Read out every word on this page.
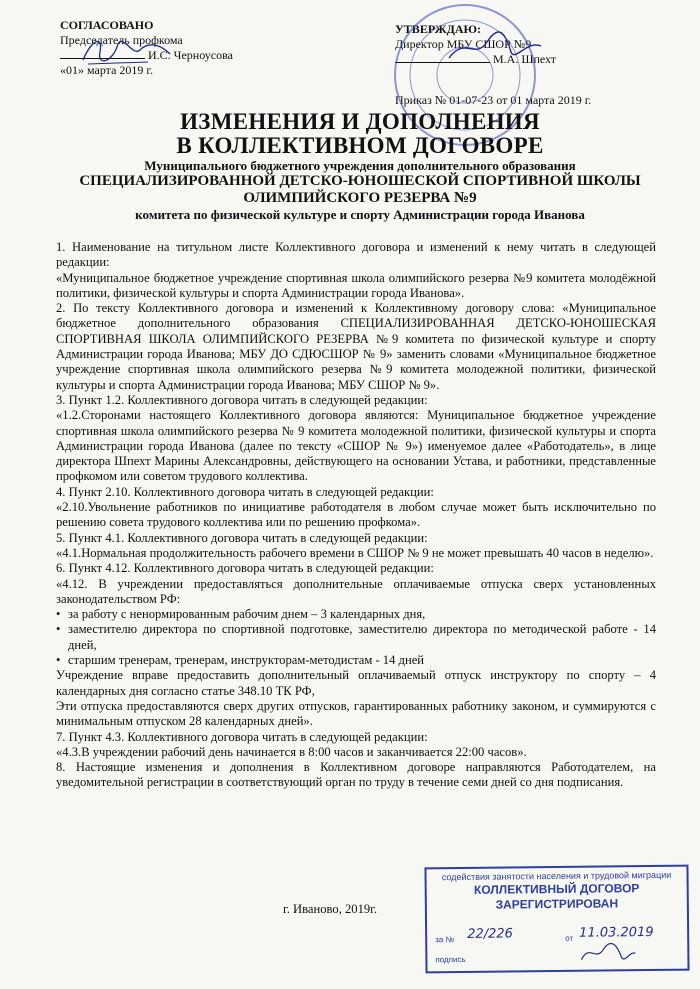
СОГЛАСОВАНО
Председатель профкома
И.С. Черноусова
«01» марта 2019 г.
УТВЕРЖДАЮ:
Директор МБУ СШОР №9
М.А. Шпехт
Приказ № 01-07-23 от 01 марта 2019 г.
ИЗМЕНЕНИЯ И ДОПОЛНЕНИЯ
В КОЛЛЕКТИВНОМ ДОГОВОРЕ
Муниципального бюджетного учреждения дополнительного образования
СПЕЦИАЛИЗИРОВАННОЙ ДЕТСКО-ЮНОШЕСКОЙ СПОРТИВНОЙ ШКОЛЫ
ОЛИМПИЙСКОГО РЕЗЕРВА №9
комитета по физической культуре и спорту Администрации города Иванова

1. Наименование на титульном листе Коллективного договора и изменений к нему читать в следующей редакции:

«Муниципальное бюджетное учреждение спортивная школа олимпийского резерва №9 комитета молодёжной политики, физической культуры и спорта Администрации города Иванова».

2. По тексту Коллективного договора и изменений к Коллективному договору слова: «Муниципальное бюджетное дополнительного образования СПЕЦИАЛИЗИРОВАННАЯ ДЕТСКО-ЮНОШЕСКАЯ СПОРТИВНАЯ ШКОЛА ОЛИМПИЙСКОГО РЕЗЕРВА №9 комитета по физической культуре и спорту Администрации города Иванова; МБУ ДО СДЮСШОР № 9» заменить словами «Муниципальное бюджетное учреждение спортивная школа олимпийского резерва №9 комитета молодежной политики, физической культуры и спорта Администрации города Иванова; МБУ СШОР № 9».

3. Пункт 1.2. Коллективного договора читать в следующей редакции:

«1.2.Сторонами настоящего Коллективного договора являются: Муниципальное бюджетное учреждение спортивная школа олимпийского резерва № 9 комитета молодежной политики, физической культуры и спорта Администрации города Иванова (далее по тексту «СШОР № 9») именуемое далее «Работодатель», в лице директора Шпехт Марины Александровны, действующего на основании Устава, и работники, представленные профкомом или советом трудового коллектива.

4. Пункт 2.10. Коллективного договора читать в следующей редакции:

«2.10.Увольнение работников по инициативе работодателя в любом случае может быть исключительно по решению совета трудового коллектива или по решению профкома».

5. Пункт 4.1. Коллективного договора читать в следующей редакции:

«4.1.Нормальная продолжительность рабочего времени в СШОР № 9 не может превышать 40 часов в неделю».

6. Пункт 4.12. Коллективного договора читать в следующей редакции:

«4.12. В учреждении предоставляться дополнительные оплачиваемые отпуска сверх установленных законодательством РФ:

• за работу с ненормированным рабочим днем – 3 календарных дня,

• заместителю директора по спортивной подготовке, заместителю директора по методической работе - 14 дней,

• старшим тренерам, тренерам, инструкторам-методистам - 14 дней

Учреждение вправе предоставить дополнительный оплачиваемый отпуск инструктору по спорту – 4 календарных дня согласно статье 348.10 ТК РФ,

Эти отпуска предоставляются сверх других отпусков, гарантированных работнику законом, и суммируются с минимальным отпуском 28 календарных дней».

7. Пункт 4.3. Коллективного договора читать в следующей редакции:

«4.3.В учреждении рабочий день начинается в 8:00 часов и заканчивается 22:00 часов».

8. Настоящие изменения и дополнения в Коллективном договоре направляются Работодателем, на уведомительной регистрации в соответствующий орган по труду в течение семи дней со дня подписания.

г. Иваново, 2019г.
содействия занятости населения и трудовой миграции
КОЛЛЕКТИВНЫЙ ДОГОВОР
ЗАРЕГИСТРИРОВАН
за № 22/226	от 11.03.2019
подпись
